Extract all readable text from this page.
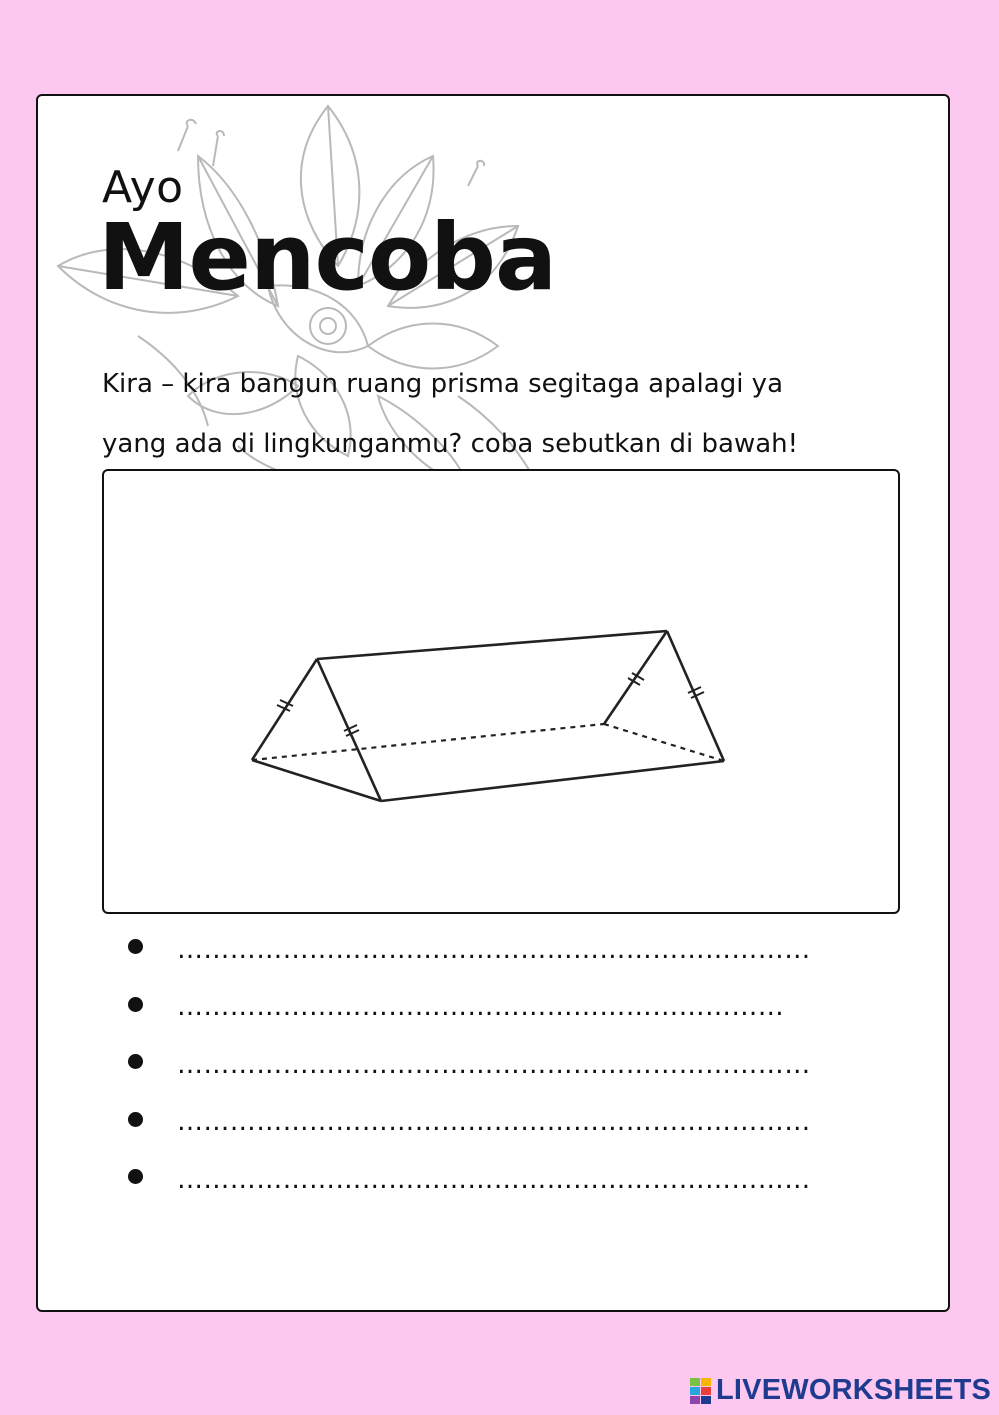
Ayo
Mencoba
Kira – kira bangun ruang prisma segitaga apalagi ya
yang ada di lingkunganmu? coba sebutkan di bawah!
………………………………………………………………
……………………………………………………………
………………………………………………………………
………………………………………………………………
………………………………………………………………
LIVEWORKSHEETS
